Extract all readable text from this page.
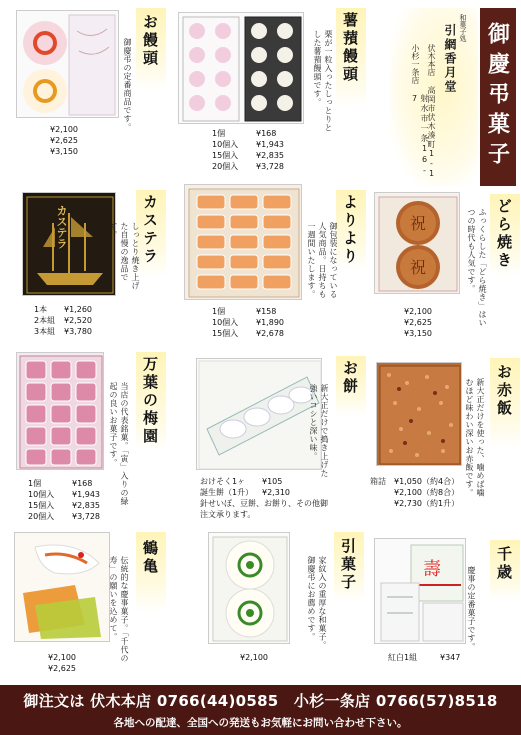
御慶弔菓子
和菓子処
引網香月堂
伏木本店
高岡市伏木湊町1-1
小杉一条店
射水市一条16-7
お饅頭
御慶弔の定番商品です。
¥2,100
¥2,625
¥3,150
薯蕷饅頭
栗が一粒入ったしっとりとした薯蕷饅頭です。
1個	¥168
10個入	¥1,943
15個入	¥2,835
20個入	¥3,728
カステラ	カステラ
しっとり焼き上げた自慢の逸品です。
1本	¥1,260
2本組	¥2,520
3本組	¥3,780
よりより
御包装になっている人気商品。日持ちも一週間いたします。
1個	¥158
10個入	¥1,890
15個入	¥2,678
祝
祝	どら焼き
ふっくらした「どら焼き」はいつの時代も人気です。
¥2,100
¥2,625
¥3,150
万葉の梅園
当店の代表銘菓。「寅」入りの緑起の良いお菓子です。
1個	¥168
10個入	¥1,943
15個入	¥2,835
20個入	¥3,728
お餅
新大正だけで搗き上げた強いコシと深い味。
おけそく1ヶ	¥105
誕生餅（1升）	¥2,310
針せいぼ、豆餅、お餅り、その他御注文承ります。
お赤飯
新大正だけを使った、噛めば噛むほど味わい深いお赤飯です。
箱詰 ¥1,050（約4合）
¥2,100（約8合）
¥2,730（約1升）
鶴亀
伝統的な慶事菓子。「千代の寿」の願いを込めて。
¥2,100
¥2,625
引菓子
家紋入の重厚な和菓子。御慶弔にお薦めです。
¥2,100
壽	千歳
慶事の定番菓子です。
紅白1組	¥347
御注文は 伏木本店 0766(44)0585　小杉一条店 0766(57)8518
各地への配達、全国への発送もお気軽にお問い合わせ下さい。
